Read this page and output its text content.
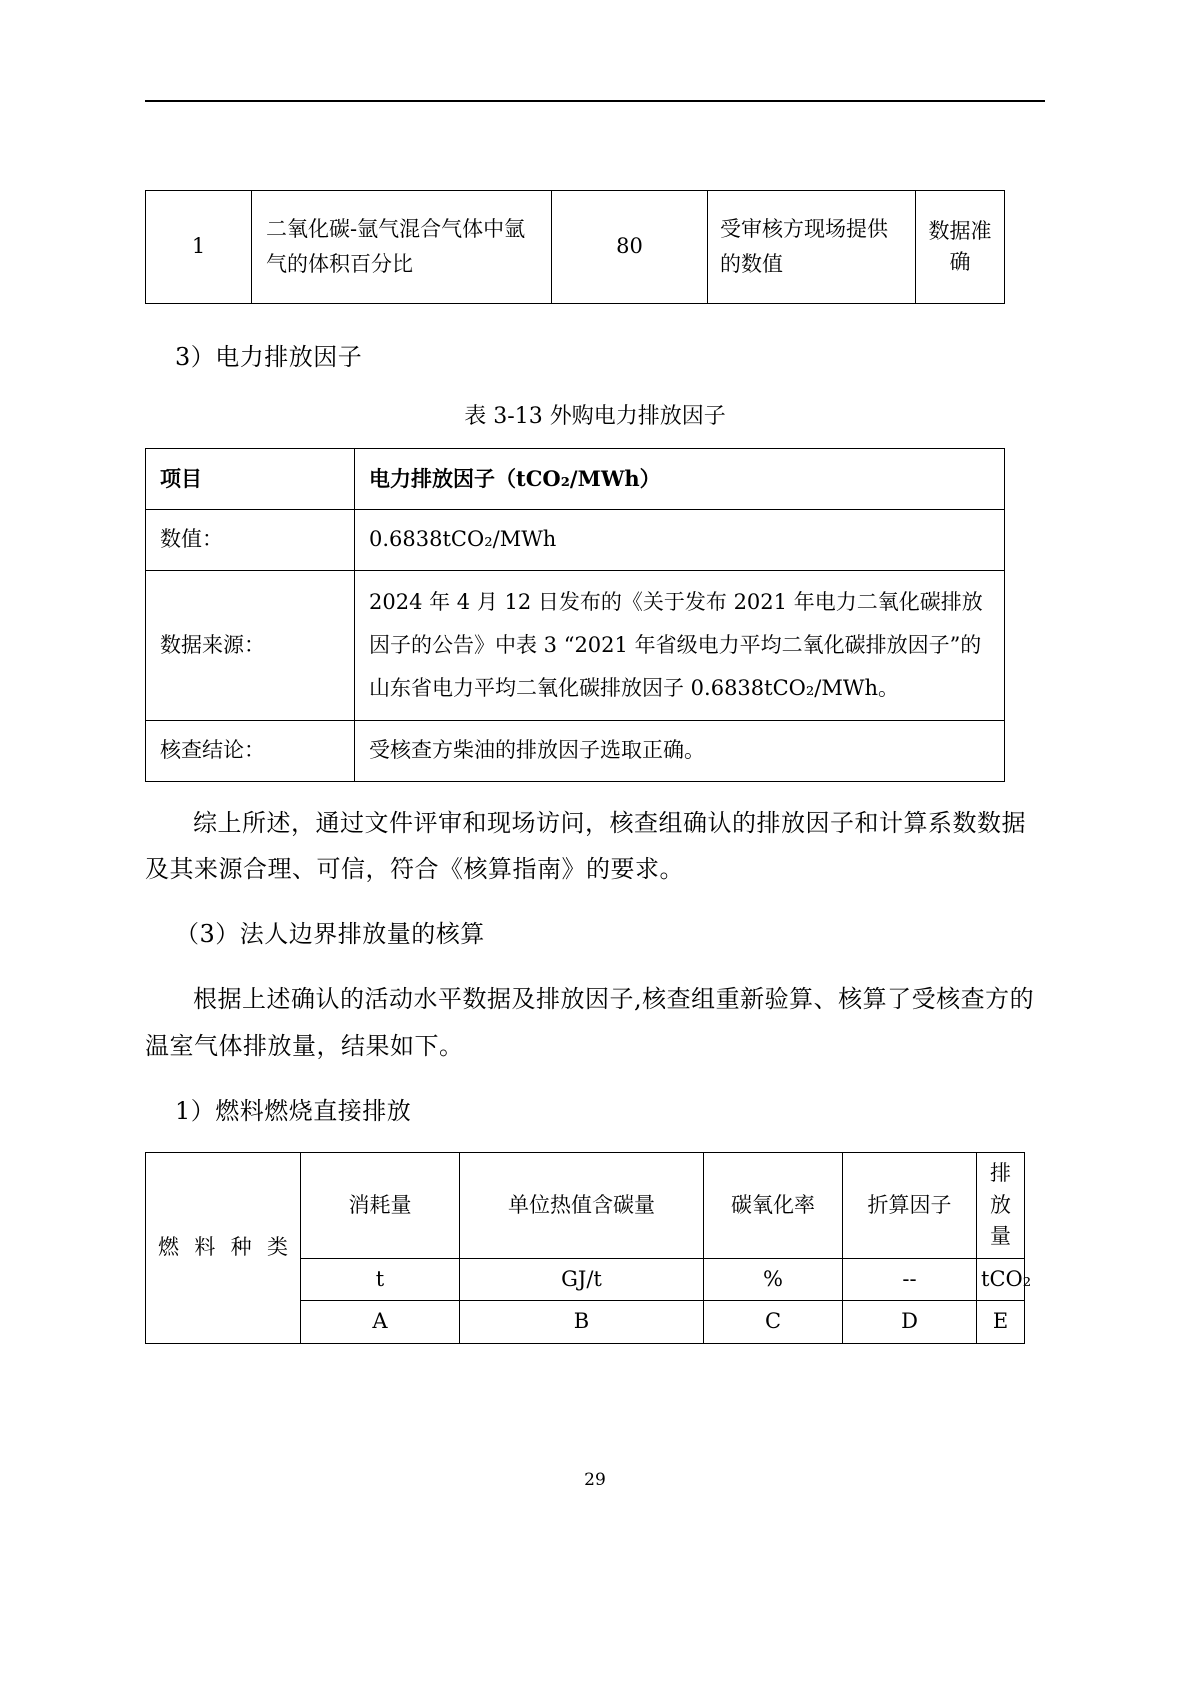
1	二氧化碳-氩气混合气体中氩气的体积百分比	80	受审核方现场提供的数值	数据准确

3）电力排放因子

表 3-13 外购电力排放因子

项目	电力排放因子（tCO₂/MWh）
数值：	0.6838tCO₂/MWh
数据来源：	2024 年 4 月 12 日发布的《关于发布 2021 年电力二氧化碳排放因子的公告》中表 3 “2021 年省级电力平均二氧化碳排放因子”的山东省电力平均二氧化碳排放因子 0.6838tCO₂/MWh。
核查结论：	受核查方柴油的排放因子选取正确。

综上所述，通过文件评审和现场访问，核查组确认的排放因子和计算系数数据及其来源合理、可信，符合《核算指南》的要求。

（3）法人边界排放量的核算

根据上述确认的活动水平数据及排放因子,核查组重新验算、核算了受核查方的温室气体排放量，结果如下。

1）燃料燃烧直接排放

燃 料 种 类	消耗量	单位热值含碳量	碳氧化率	折算因子	排放量
	t	GJ/t	%	--	tCO₂
	A	B	C	D	E
29
